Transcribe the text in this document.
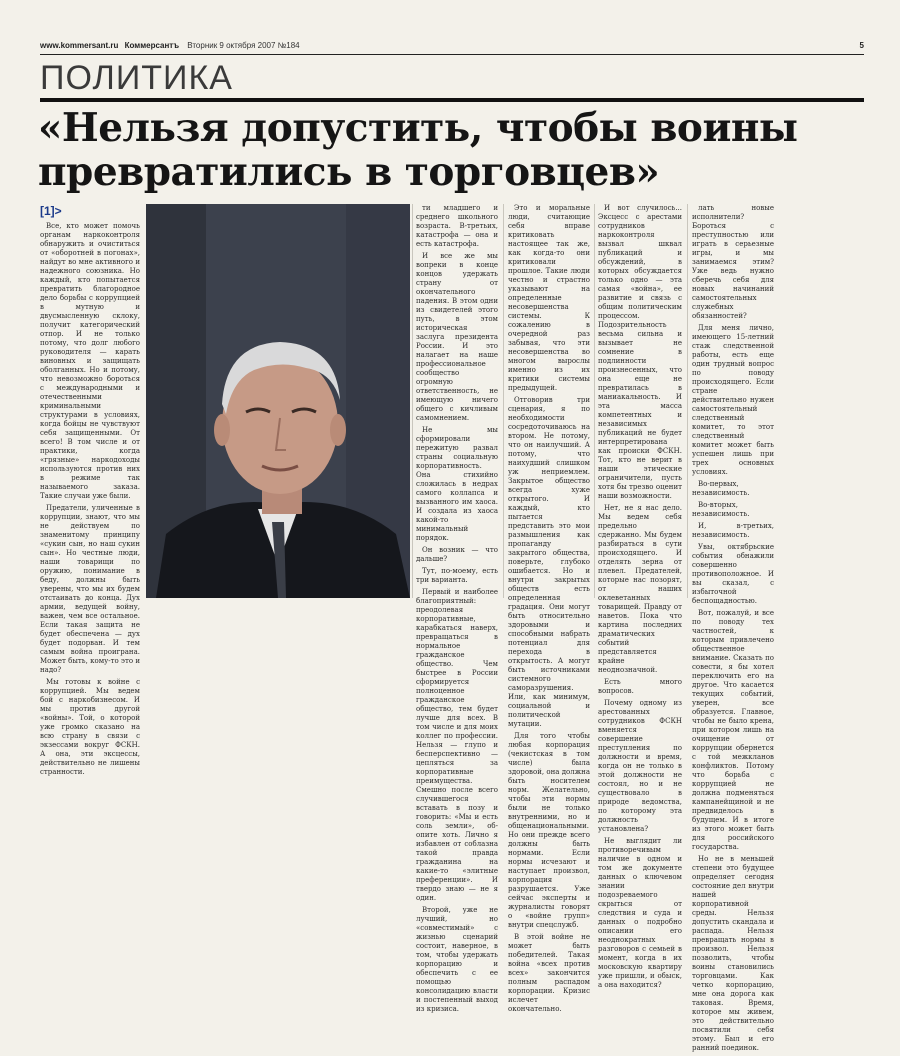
www.kommersant.ru Коммерсантъ Вторник 9 октября 2007 №184	5
ПОЛИТИКА
«Нельзя допустить, чтобы воины превратились в торговцев»
[1]>

Все, кто может помочь органам наркоконтроля обнаружить и очиститься от «оборотней в погонах», найдут во мне активного и надежного союзника. Но каждый, кто попытается превратить благородное дело борьбы с коррупцией в мутную и двусмысленную склоку, получит категорический отпор. И не только потому, что долг любого руководителя — карать виновных и защищать оболганных. Но и потому, что невозможно бороться с международными и отечественными криминальными структурами в условиях, когда бойцы не чувствуют себя защищенными. От всего! В том числе и от практики, когда «грязные» наркодоходы используются против них в режиме так называемого заказа. Такие случаи уже были.

Предатели, уличенные в коррупции, знают, что мы не действуем по знаменитому принципу «сукин сын, но наш сукин сын». Но честные люди, наши товарищи по оружию, понимание в беду, должны быть уверены, что мы их будем отстаивать до конца. Дух армии, ведущей войну, важен, чем все остальное. Если такая защита не будет обеспечена — дух будет подорван. И тем самым война проиграна. Может быть, кому-то это и надо?

Мы готовы к войне с коррупцией. Мы ведем бой с наркобизнесом. И мы против другой «войны». Той, о которой уже громко сказано на всю страну в связи с экзессами вокруг ФСКН. А она, эти эксцессы, действительно не лишены странности.

ти младшего и среднего школьного возраста. В-третьих, катастрофа — она и есть катастрофа.

И все же мы вопреки в конце концов удержать страну от окончательного падения. В этом одни из свидетелей этого путь, в этом историческая заслуга президента России. И это налагает на наше профессиональное сообщество огромную ответственность, не имеющую ничего общего с кичливым самомнением.

Не мы сформировали пережитую развал страны социальную корпоративность. Она стихийно сложилась в недрах самого коллапса и вызванного им хаоса. И создала из хаоса какой-то минимальный порядок.

Он возник — что дальше?

Тут, по-моему, есть три варианта.

Первый и наиболее благоприятный: преодолевая корпоративные, карабкаться наверх, превращаться в нормальное гражданское общество. Чем быстрее в России сформируется полноценное гражданское общество, тем будет лучше для всех. В том числе и для моих коллег по профессии. Нельзя — глупо и бесперспективно — цепляться за корпоративные преимущества. Смешно после всего случившегося вставать в позу и говорить: «Мы и есть соль земли», об-опите хоть. Лично я избавлен от соблазна такой правда гражданина на какие-то «элитные преференции». И твердо знаю — не я один.

Второй, уже не лучший, но «совместимый» с жизнью сценарий состоит, наверное, в том, чтобы удержать корпорацию и обеспечить с ее помощью консолидацию власти и постепенный выход из кризиса.

Это и моральные люди, считающие себя вправе критиковать настоящее так же, как когда-то они критиковали прошлое. Такие люди честно и страстно указывают на определенные несовершенства системы. К сожалению в очередной раз забывая, что эти несовершенства во многом вырослы именно из их критики системы предыдущей.

Отговорив три сценария, я по необходимости сосредоточиваюсь на втором. Не потому, что он наилучший. А потому, что наихудший слишком уж неприемлем. Закрытое общество всегда хуже открытого. И каждый, кто пытается представить это мои размышления как пропаганду закрытого общества, поверьте, глубоко ошибается. Но и внутри закрытых обществ есть определенная градация. Они могут быть относительно здоровыми и способными набрать потенциал для перехода в открытость. А могут быть источниками системного саморазрушения. Или, как минимум, социальной и политической мутации.

Для того чтобы любая корпорация (чекистская в том числе) была здоровой, она должна быть носителем норм. Желательно, чтобы эти нормы были не только внутренними, но и общенациональными. Но они прежде всего должны быть нормами. Если нормы исчезают и наступает произвол, корпорация разрушается. Уже сейчас эксперты и журналисты говорят о «войне групп» внутри спецслужб.

В этой войне не может быть победителей. Такая война «всех против всех» закончится полным распадом корпорации. Кризис ислечет окончательно.

И вот случилось... Эксцесс с арестами сотрудников наркоконтроля вызвал шквал публикаций и обсуждений, в которых обсуждается только одно — эта самая «война», ее развитие и связь с общим политическим процессом. Подозрительность весьма сильна и вызывает не сомнение в подлинности произнесенных, что она еще не превратилась в маниакальность. И эта масса компетентных и независимых публикаций не будет интерпретирована как происки ФСКН. Тот, кто не верит в наши этические ограничители, пусть хотя бы трезво оценит наши возможности.

Нет, не я нас дело. Мы ведем себя предельно сдержанно. Мы будем разбираться в сути происходящего. И отделять зерна от плевел. Предателей, которые нас позорят, от наших оклеветанных товарищей. Правду от наветов. Пока что картина последних драматических событий представляется крайне неоднозначной.

Есть много вопросов.

Почему одному из арестованных сотрудников ФСКН вменяется совершение преступления по должности и время, когда он не только в этой должности не состоял, но и не существовало в природе ведомства, по которому эта должность установлена?

Не выглядит ли противоречивым наличие в одном и том же документе данных о ключевом знании подозреваемого скрыться от следствия и суда и данных о подробно описании его неоднократных разговоров с семьей в момент, когда в их московскую квартиру уже пришли, и обыск, а она находится?

лать новые исполнители? Бороться с преступностью или играть в серьезные игры, и мы занимаемся этим? Уже ведь нужно сберечь себя для новых начинаний самостоятельных служебных обязанностей?

Для меня лично, имеющего 15-летний стаж следственной работы, есть еще один трудный вопрос по поводу происходящего. Если стране действительно нужен самостоятельный следственный комитет, то этот следственный комитет может быть успешен лишь при трех основных условиях.

Во-первых, независимость.

Во-вторых, независимость.

И, в-третьих, независимость.

Увы, октябрьские события обнажили совершенно противоположное. И вы сказал, с избыточной беспощадностью.

Вот, пожалуй, и все по поводу тех частностей, к которым привлечено общественное внимание. Сказать по совести, я бы хотел переключить его на другое. Что касается текущих событий, уверен, все образуется. Главное, чтобы не было крена, при котором лишь на очищение от коррупции обернется с той межкланов конфликтов. Потому что борьба с коррупцией не должна подменяться кампанейщиной и не предвиделось в будущем. И в итоге из этого может быть для российского государства.

Но не в меньшей степени это будущее определяет сегодня состояние дел внутри нашей корпоративной среды. Нельзя допустить скандала и распада. Нельзя превращать нормы в произвол. Нельзя позволить, чтобы воины становились торговцами. Как четко корпорацию, мне она дорога как таковая. Время, которое мы живем, это действительно посвятили себя этому. Был и его ранний поединок.
